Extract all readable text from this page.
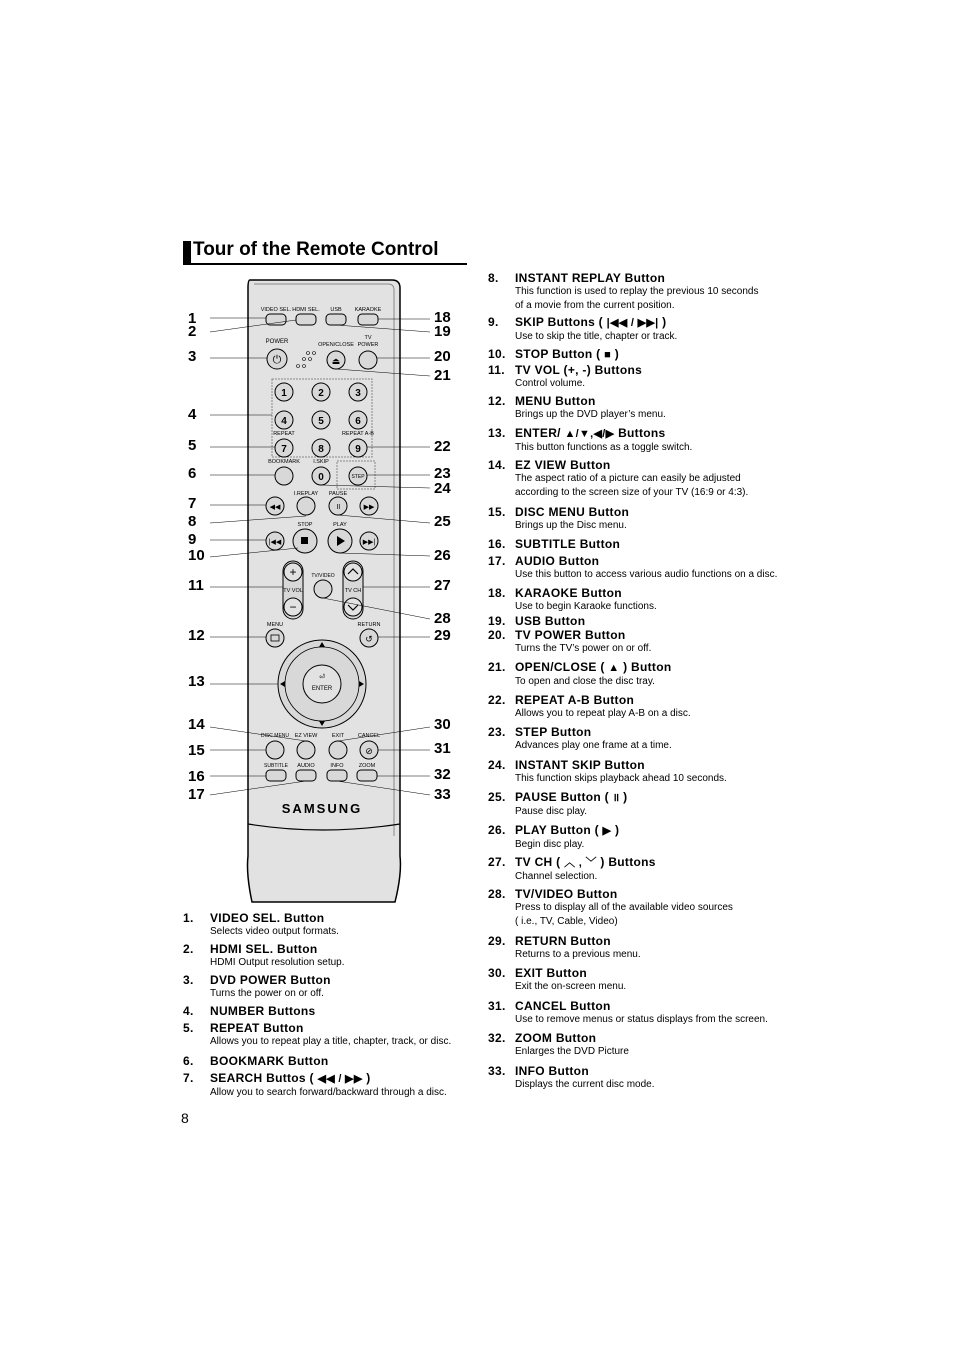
Tour of the Remote Control
VIDEO SEL. HDMI SEL. USB KARAOKE
POWER
⏻
OPEN/CLOSE
⏏
TV
POWER
1	2	3
4	5	6
7	8	9
REPEAT	REPEAT A-B
BOOKMARK I.SKIP
0	STEP
I.REPLAY PAUSE
◀◀	॥	▶▶
STOP	PLAY
|◀◀	▶▶|
+
−
TV VOL
TV/VIDEO
TV CH
MENU	RETURN
↺
ENTER
⏎
DISC MENU EZ VIEW	EXIT CANCEL
⊘
SUBTITLE AUDIO	INFO	ZOOM
SAMSUNG
1
2
3
4
5
6
7
8
9
10
11
12
13
14
15
16
17
18
19
20
21
22
23
24
25
26
27
28
29
30
31
32
33
1. VIDEO SEL. Button
Selects video output formats.
2. HDMI SEL. Button
HDMI Output resolution setup.
3. DVD POWER Button
Turns the power on or off.
4. NUMBER Buttons
5. REPEAT Button
Allows you to repeat play a title, chapter, track, or disc.
6. BOOKMARK Button
7. SEARCH Buttos ( ◀◀ / ▶▶ )
Allow you to search forward/backward through a disc.
8. INSTANT REPLAY Button
This function is used to replay the previous 10 seconds
of a movie from the current position.
9. SKIP Buttons ( |◀◀ / ▶▶| )
Use to skip the title, chapter or track.
10. STOP Button ( ■ )
11. TV VOL (+, -) Buttons
Control volume.
12. MENU Button
Brings up the DVD player’s menu.
13. ENTER/ ▲/▼,◀/▶ Buttons
This button functions as a toggle switch.
14. EZ VIEW Button
The aspect ratio of a picture can easily be adjusted
according to the screen size of your TV (16:9 or 4:3).
15. DISC MENU Button
Brings up the Disc menu.
16. SUBTITLE Button
17. AUDIO Button
Use this button to access various audio functions on a disc.
18. KARAOKE Button
Use to begin Karaoke functions.
19. USB Button
20. TV POWER Button
Turns the TV’s power on or off.
21. OPEN/CLOSE ( ▲ ) Button
To open and close the disc tray.
22. REPEAT A-B Button
Allows you to repeat play A-B on a disc.
23. STEP Button
Advances play one frame at a time.
24. INSTANT SKIP Button
This function skips playback ahead 10 seconds.
25. PAUSE Button ( ॥ )
Pause disc play.
26. PLAY Button ( ▶ )
Begin disc play.
27. TV CH ( ︿ , ﹀ ) Buttons
Channel selection.
28. TV/VIDEO Button
Press to display all of the available video sources
( i.e., TV, Cable, Video)
29. RETURN Button
Returns to a previous menu.
30. EXIT Button
Exit the on-screen menu.
31. CANCEL Button
Use to remove menus or status displays from the screen.
32. ZOOM Button
Enlarges the DVD Picture
33. INFO Button
Displays the current disc mode.
8
